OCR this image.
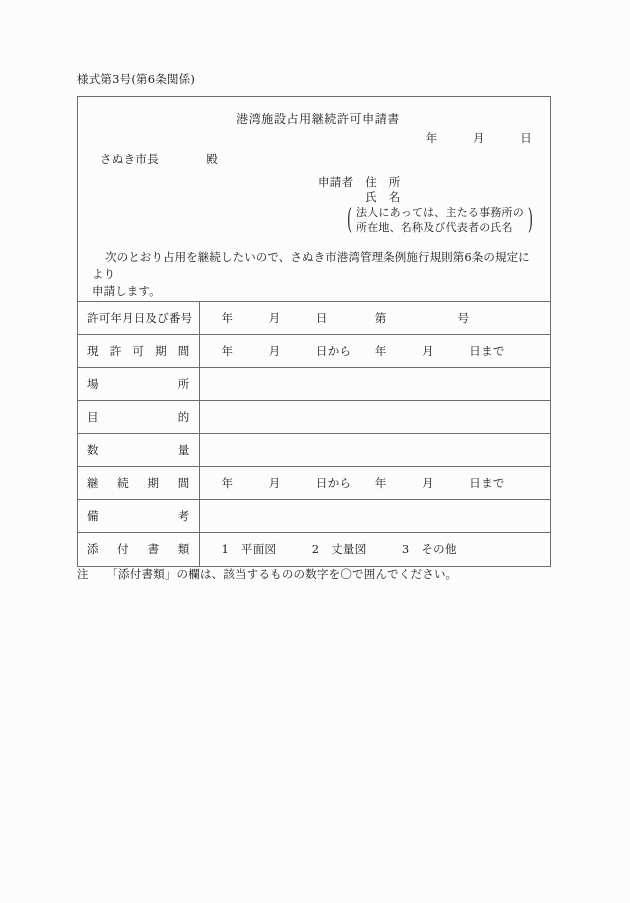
様式第3号(第6条関係)
港湾施設占用継続許可申請書
年　　　月　　　日
さぬき市長　　　　殿
申請者　住　所
　　　　氏　名
( 法人にあっては、主たる事務所の
所在地、名称及び代表者の氏名	)
次のとおり占用を継続したいので、さぬき市港湾管理条例施行規則第6条の規定により
申請します。
許可年月日及び番号	年　　　月　　　日　　　　第　　　　　　号

現 許 可 期 間	年　　　月　　　日から　　年　　　月　　　日まで

場 所	

目 的	

数 量	

継 続 期 間	年　　　月　　　日から　　年　　　月　　　日まで

備 考	

添 付 書 類	1　平面図　　　2　丈量図　　　3　その他
注　　「添付書類」の欄は、該当するものの数字を〇で囲んでください。
